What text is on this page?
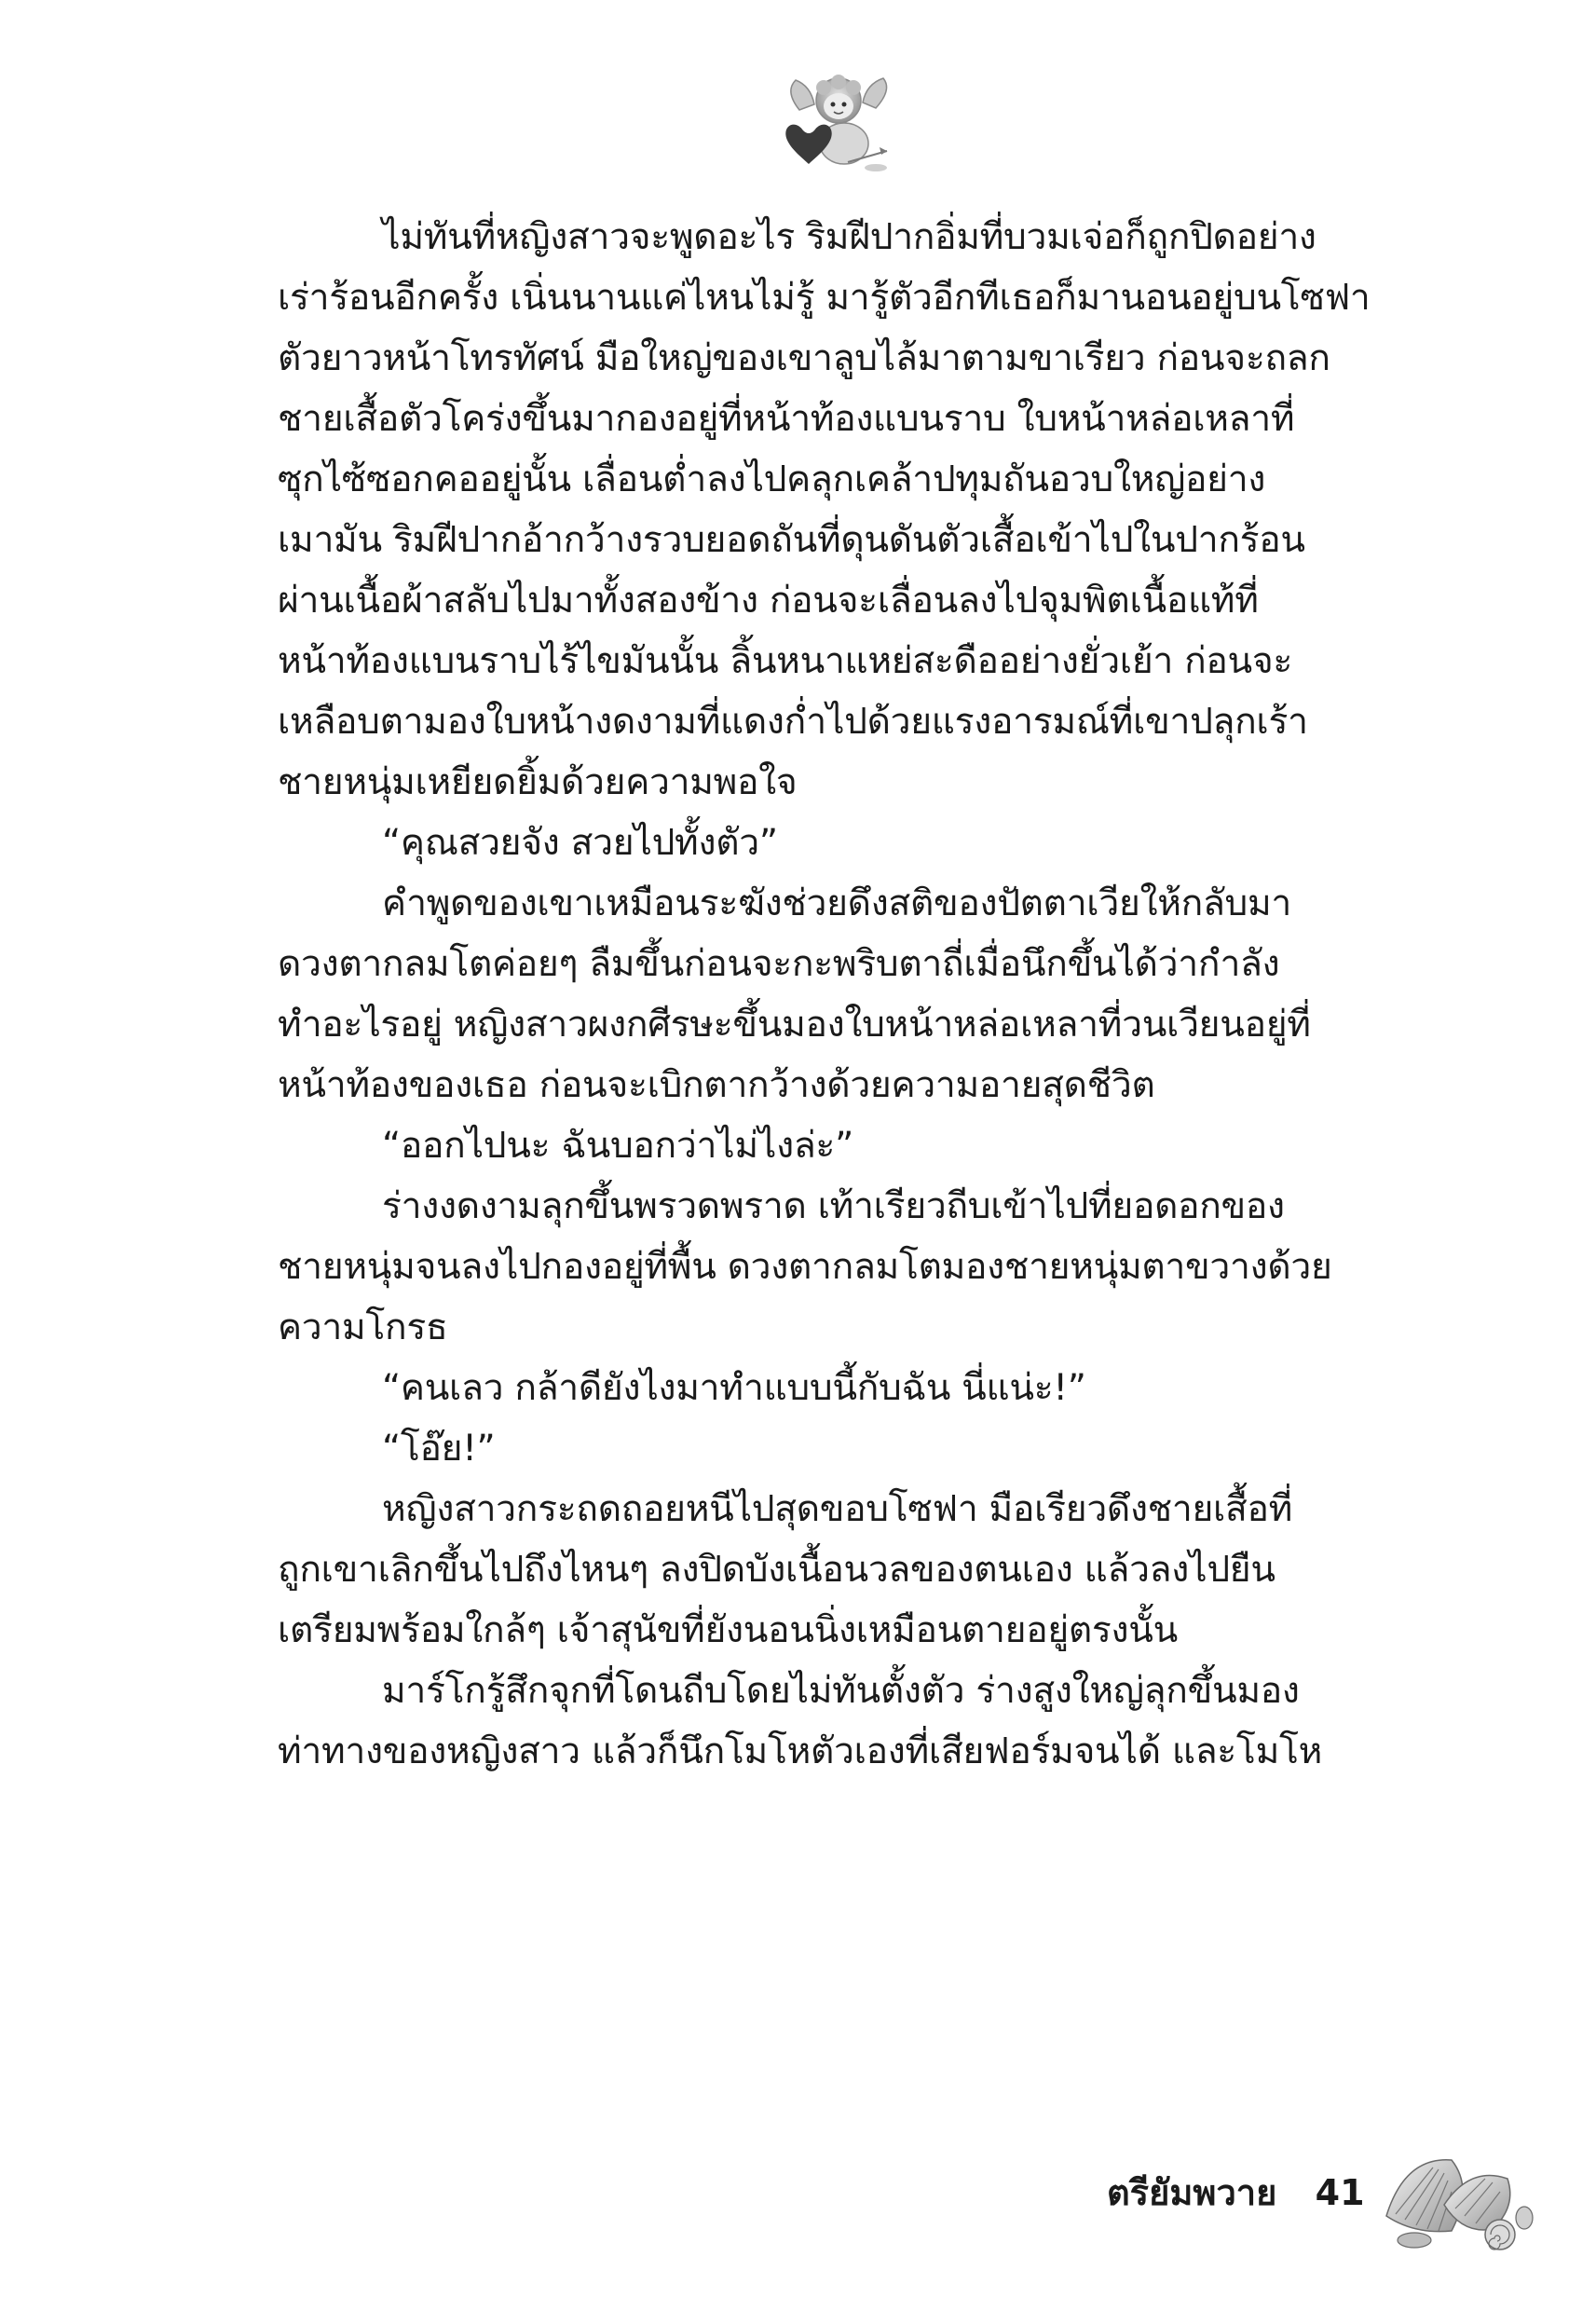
ไม่ทันที่หญิงสาวจะพูดอะไร ริมฝีปากอิ่มที่บวมเจ่อก็ถูกปิดอย่าง
เร่าร้อนอีกครั้ง เนิ่นนานแค่ไหนไม่รู้ มารู้ตัวอีกทีเธอก็มานอนอยู่บนโซฟา
ตัวยาวหน้าโทรทัศน์ มือใหญ่ของเขาลูบไล้มาตามขาเรียว ก่อนจะถลก
ชายเสื้อตัวโคร่งขึ้นมากองอยู่ที่หน้าท้องแบนราบ ใบหน้าหล่อเหลาที่
ซุกไซ้ซอกคออยู่นั้น เลื่อนต่ำลงไปคลุกเคล้าปทุมถันอวบใหญ่อย่าง
เมามัน ริมฝีปากอ้ากว้างรวบยอดถันที่ดุนดันตัวเสื้อเข้าไปในปากร้อน
ผ่านเนื้อผ้าสลับไปมาทั้งสองข้าง ก่อนจะเลื่อนลงไปจุมพิตเนื้อแท้ที่
หน้าท้องแบนราบไร้ไขมันนั้น ลิ้นหนาแหย่สะดืออย่างยั่วเย้า ก่อนจะ
เหลือบตามองใบหน้างดงามที่แดงก่ำไปด้วยแรงอารมณ์ที่เขาปลุกเร้า
ชายหนุ่มเหยียดยิ้มด้วยความพอใจ
“คุณสวยจัง สวยไปทั้งตัว”
คำพูดของเขาเหมือนระฆังช่วยดึงสติของปัตตาเวียให้กลับมา
ดวงตากลมโตค่อยๆ ลืมขึ้นก่อนจะกะพริบตาถี่เมื่อนึกขึ้นได้ว่ากำลัง
ทำอะไรอยู่ หญิงสาวผงกศีรษะขึ้นมองใบหน้าหล่อเหลาที่วนเวียนอยู่ที่
หน้าท้องของเธอ ก่อนจะเบิกตากว้างด้วยความอายสุดชีวิต
“ออกไปนะ ฉันบอกว่าไม่ไงล่ะ”
ร่างงดงามลุกขึ้นพรวดพราด เท้าเรียวถีบเข้าไปที่ยอดอกของ
ชายหนุ่มจนลงไปกองอยู่ที่พื้น ดวงตากลมโตมองชายหนุ่มตาขวางด้วย
ความโกรธ
“คนเลว กล้าดียังไงมาทำแบบนี้กับฉัน นี่แน่ะ!”
“โอ๊ย!”
หญิงสาวกระถดถอยหนีไปสุดขอบโซฟา มือเรียวดึงชายเสื้อที่
ถูกเขาเลิกขึ้นไปถึงไหนๆ ลงปิดบังเนื้อนวลของตนเอง แล้วลงไปยืน
เตรียมพร้อมใกล้ๆ เจ้าสุนัขที่ยังนอนนิ่งเหมือนตายอยู่ตรงนั้น
มาร์โกรู้สึกจุกที่โดนถีบโดยไม่ทันตั้งตัว ร่างสูงใหญ่ลุกขึ้นมอง
ท่าทางของหญิงสาว แล้วก็นึกโมโหตัวเองที่เสียฟอร์มจนได้ และโมโห
ตรียัมพวาย 41
